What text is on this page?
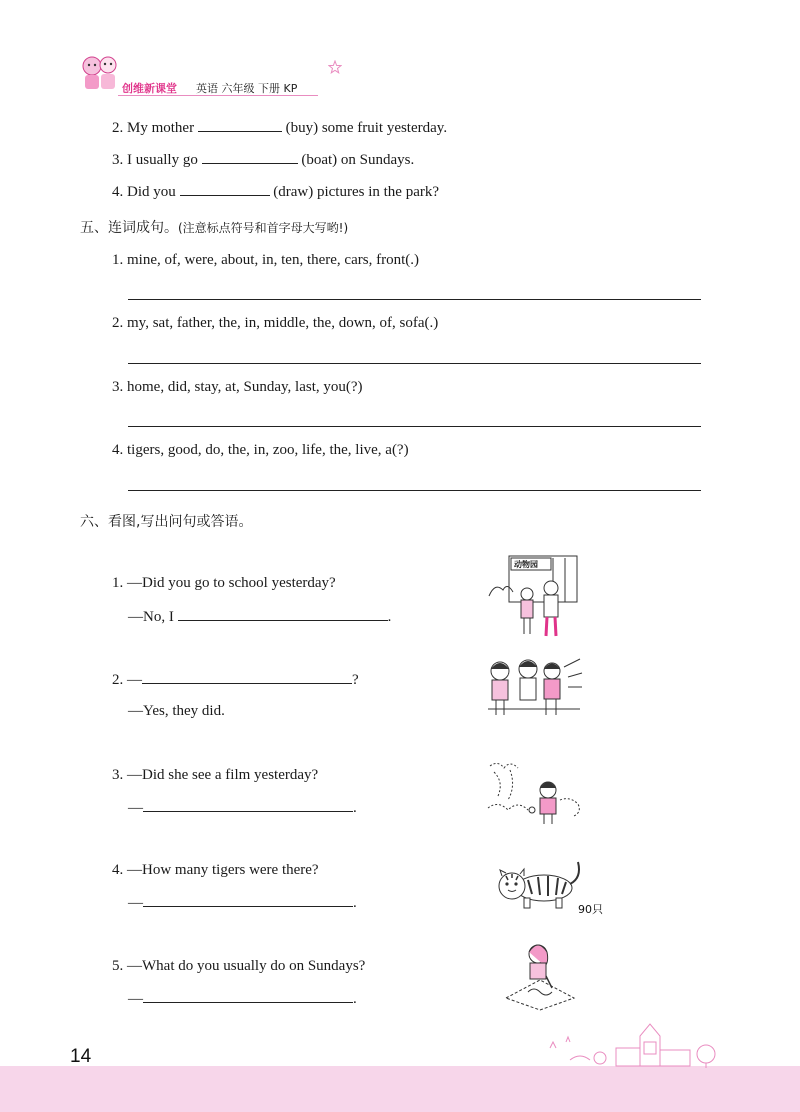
创维新课堂 英语 六年级 下册 KP
2. My mother	(buy) some fruit yesterday.
3. I usually go	(boat) on Sundays.
4. Did you	(draw) pictures in the park?
五、连词成句。(注意标点符号和首字母大写哟!)
1. mine, of, were, about, in, ten, there, cars, front(.)
2. my, sat, father, the, in, middle, the, down, of, sofa(.)
3. home, did, stay, at, Sunday, last, you(?)
4. tigers, good, do, the, in, zoo, life, the, live, a(?)
六、看图,写出问句或答语。
1. —Did you go to school yesterday?
—No, I	.
动物园
2. —	?
—Yes, they did.
3. —Did she see a film yesterday?
—	.
4. —How many tigers were there?
—	.	90只
5. —What do you usually do on Sundays?
—	.
14
